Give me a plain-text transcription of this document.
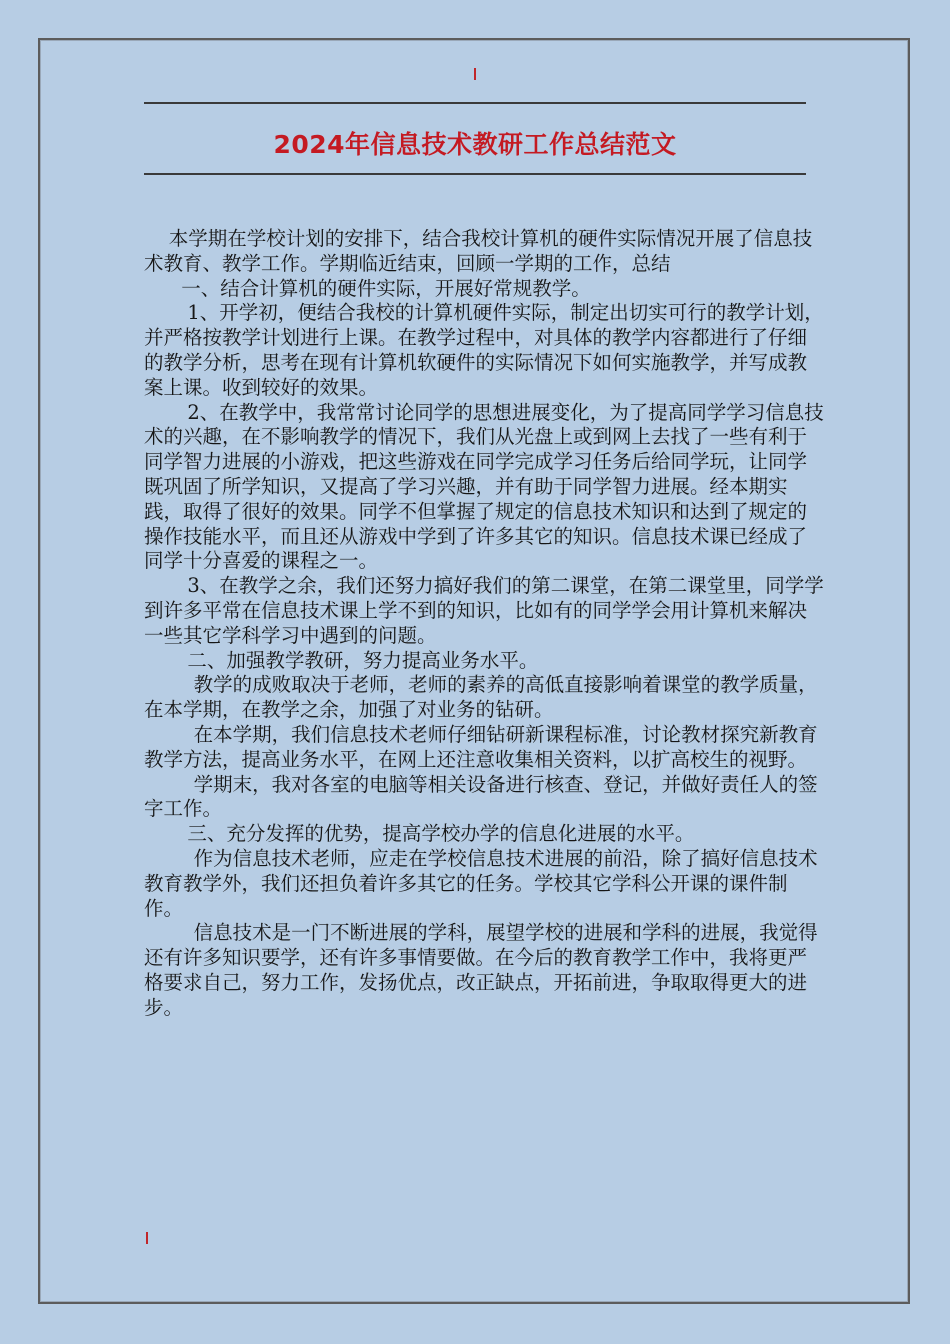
2024年信息技术教研工作总结范文

本学期在学校计划的安排下，结合我校计算机的硬件实际情况开展了信息技术教育、教学工作。学期临近结束，回顾一学期的工作，总结

一、结合计算机的硬件实际，开展好常规教学。

1、开学初，便结合我校的计算机硬件实际，制定出切实可行的教学计划，并严格按教学计划进行上课。在教学过程中，对具体的教学内容都进行了仔细的教学分析，思考在现有计算机软硬件的实际情况下如何实施教学，并写成教案上课。收到较好的效果。

2、在教学中，我常常讨论同学的思想进展变化，为了提高同学学习信息技术的兴趣，在不影响教学的情况下，我们从光盘上或到网上去找了一些有利于同学智力进展的小游戏，把这些游戏在同学完成学习任务后给同学玩，让同学既巩固了所学知识，又提高了学习兴趣，并有助于同学智力进展。经本期实践，取得了很好的效果。同学不但掌握了规定的信息技术知识和达到了规定的操作技能水平，而且还从游戏中学到了许多其它的知识。信息技术课已经成了同学十分喜爱的课程之一。

3、在教学之余，我们还努力搞好我们的第二课堂，在第二课堂里，同学学到许多平常在信息技术课上学不到的知识，比如有的同学学会用计算机来解决一些其它学科学习中遇到的问题。

二、加强教学教研，努力提高业务水平。

教学的成败取决于老师，老师的素养的高低直接影响着课堂的教学质量，在本学期，在教学之余，加强了对业务的钻研。

在本学期，我们信息技术老师仔细钻研新课程标准，讨论教材探究新教育教学方法，提高业务水平，在网上还注意收集相关资料，以扩高校生的视野。

学期末，我对各室的电脑等相关设备进行核查、登记，并做好责任人的签字工作。

三、充分发挥的优势，提高学校办学的信息化进展的水平。

作为信息技术老师，应走在学校信息技术进展的前沿，除了搞好信息技术教育教学外，我们还担负着许多其它的任务。学校其它学科公开课的课件制作。

信息技术是一门不断进展的学科，展望学校的进展和学科的进展，我觉得还有许多知识要学，还有许多事情要做。在今后的教育教学工作中，我将更严格要求自己，努力工作，发扬优点，改正缺点，开拓前进，争取取得更大的进步。
